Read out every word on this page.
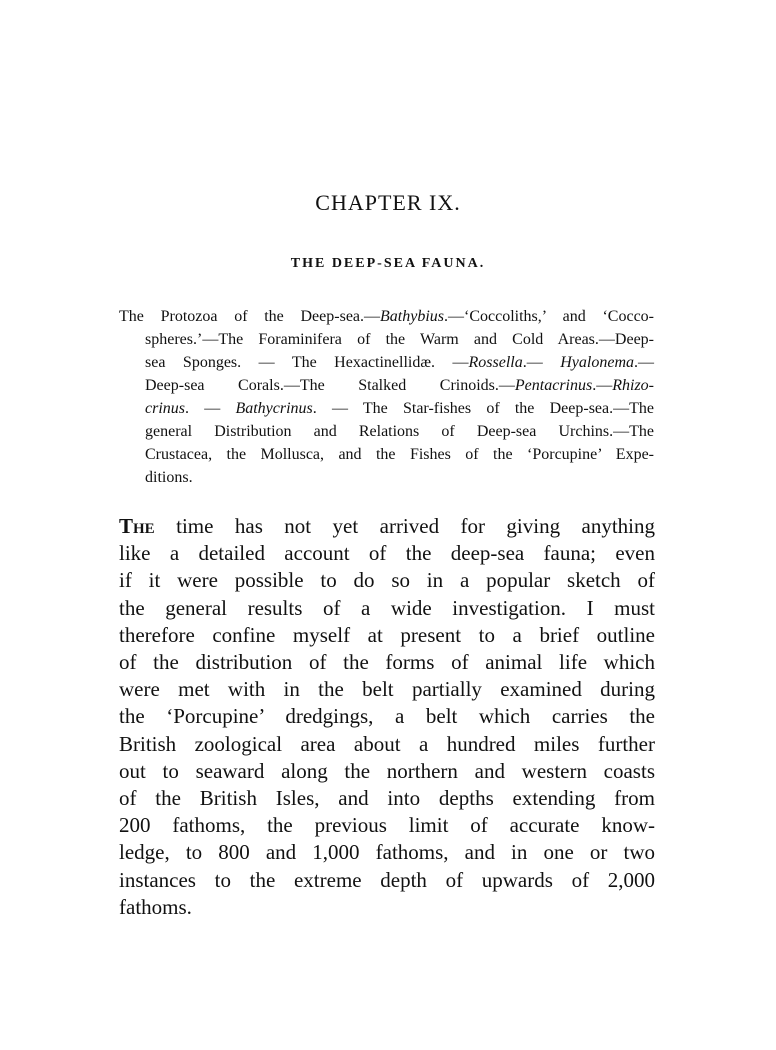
CHAPTER IX.
THE DEEP-SEA FAUNA.
The Protozoa of the Deep-sea.—Bathybius.—‘Coccoliths,’ and ‘Cocco-
spheres.’—The Foraminifera of the Warm and Cold Areas.—Deep-
sea Sponges. — The Hexactinellidæ. —Rossella.— Hyalonema.—
Deep-sea Corals.—The Stalked Crinoids.—Pentacrinus.—Rhizo-
crinus. — Bathycrinus. — The Star-fishes of the Deep-sea.—The
general Distribution and Relations of Deep-sea Urchins.—The
Crustacea, the Mollusca, and the Fishes of the ‘Porcupine’ Expe-
ditions.
The time has not yet arrived for giving anything
like a detailed account of the deep-sea fauna; even
if it were possible to do so in a popular sketch of
the general results of a wide investigation. I must
therefore confine myself at present to a brief outline
of the distribution of the forms of animal life which
were met with in the belt partially examined during
the ‘Porcupine’ dredgings, a belt which carries the
British zoological area about a hundred miles further
out to seaward along the northern and western coasts
of the British Isles, and into depths extending from
200 fathoms, the previous limit of accurate know-
ledge, to 800 and 1,000 fathoms, and in one or two
instances to the extreme depth of upwards of 2,000
fathoms.
